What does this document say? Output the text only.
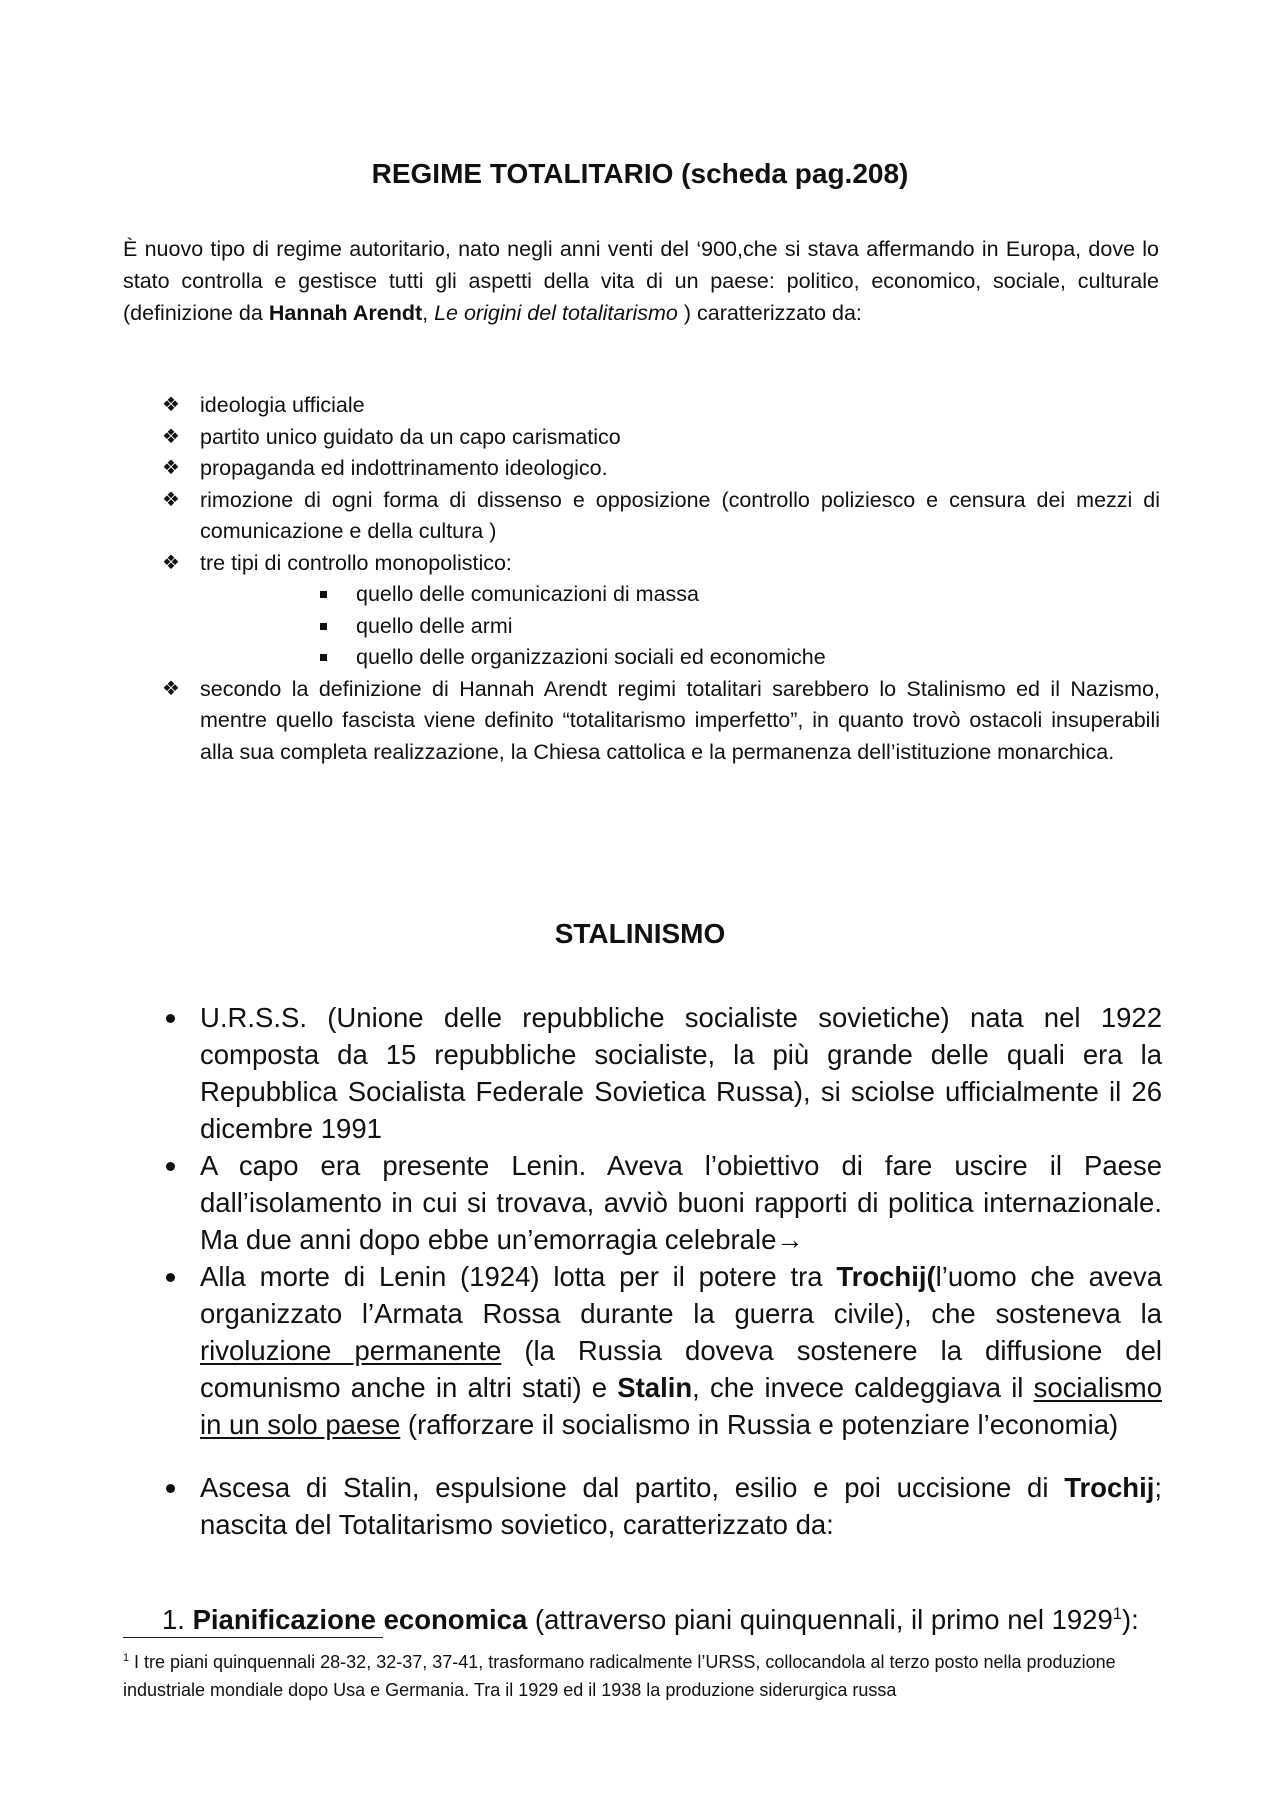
REGIME TOTALITARIO (scheda pag.208)

È nuovo tipo di regime autoritario, nato negli anni venti del ‘900,che si stava affermando in Europa, dove lo stato controlla e gestisce tutti gli aspetti della vita di un paese: politico, economico, sociale, culturale (definizione da Hannah Arendt, Le origini del totalitarismo ) caratterizzato da:

❖ ideologia ufficiale
❖ partito unico guidato da un capo carismatico
❖ propaganda ed indottrinamento ideologico.
❖ rimozione di ogni forma di dissenso e opposizione (controllo poliziesco e censura dei mezzi di comunicazione e della cultura )
❖ tre tipi di controllo monopolistico:
quello delle comunicazioni di massa
quello delle armi
quello delle organizzazioni sociali ed economiche
❖ secondo la definizione di Hannah Arendt regimi totalitari sarebbero lo Stalinismo ed il Nazismo, mentre quello fascista viene definito “totalitarismo imperfetto”, in quanto trovò ostacoli insuperabili alla sua completa realizzazione, la Chiesa cattolica e la permanenza dell’istituzione monarchica.
STALINISMO
U.R.S.S. (Unione delle repubbliche socialiste sovietiche) nata nel 1922 composta da 15 repubbliche socialiste, la più grande delle quali era la Repubblica Socialista Federale Sovietica Russa), si sciolse ufficialmente il 26 dicembre 1991
A capo era presente Lenin. Aveva l’obiettivo di fare uscire il Paese dall’isolamento in cui si trovava, avviò buoni rapporti di politica internazionale. Ma due anni dopo ebbe un’emorragia celebrale→
Alla morte di Lenin (1924) lotta per il potere tra Trochij(l’uomo che aveva organizzato l’Armata Rossa durante la guerra civile), che sosteneva la rivoluzione permanente (la Russia doveva sostenere la diffusione del comunismo anche in altri stati) e Stalin, che invece caldeggiava il socialismo in un solo paese (rafforzare il socialismo in Russia e potenziare l’economia)
Ascesa di Stalin, espulsione dal partito, esilio e poi uccisione di Trochij; nascita del Totalitarismo sovietico, caratterizzato da:

1. Pianificazione economica (attraverso piani quinquennali, il primo nel 1929$^1$):

$^1$ I tre piani quinquennali 28-32, 32-37, 37-41, trasformano radicalmente l’URSS, collocandola al terzo posto nella produzione industriale mondiale dopo Usa e Germania. Tra il 1929 ed il 1938 la produzione siderurgica russa
